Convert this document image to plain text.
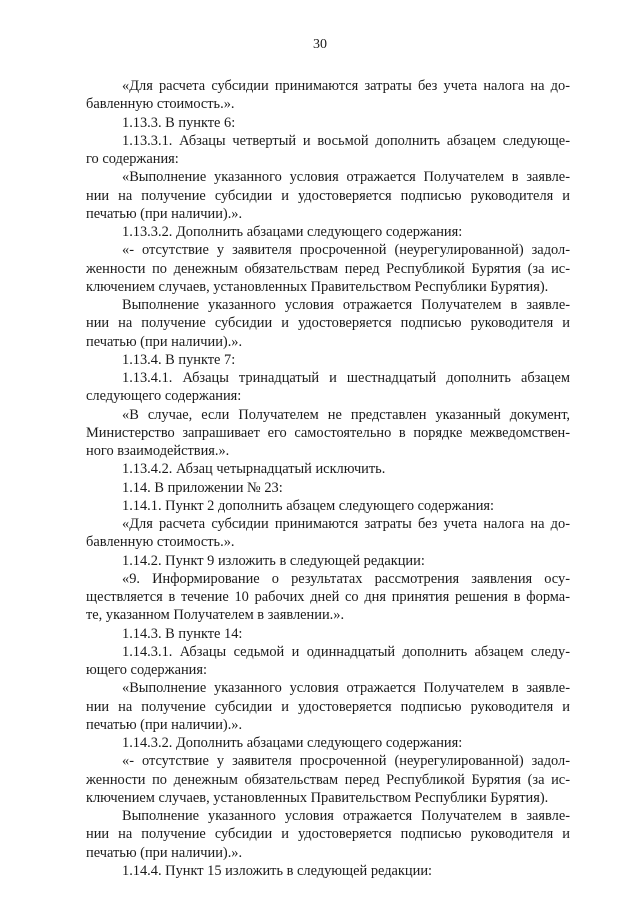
30
«Для расчета субсидии принимаются затраты без учета налога на до-
бавленную стоимость.».
1.13.3. В пункте 6:
1.13.3.1. Абзацы четвертый и восьмой дополнить абзацем следующе-
го содержания:
«Выполнение указанного условия отражается Получателем в заявле-
нии на получение субсидии и удостоверяется подписью руководителя и
печатью (при наличии).».
1.13.3.2. Дополнить абзацами следующего содержания:
«- отсутствие у заявителя просроченной (неурегулированной) задол-
женности по денежным обязательствам перед Республикой Бурятия (за ис-
ключением случаев, установленных Правительством Республики Бурятия).
Выполнение указанного условия отражается Получателем в заявле-
нии на получение субсидии и удостоверяется подписью руководителя и
печатью (при наличии).».
1.13.4. В пункте 7:
1.13.4.1. Абзацы тринадцатый и шестнадцатый дополнить абзацем
следующего содержания:
«В случае, если Получателем не представлен указанный документ,
Министерство запрашивает его самостоятельно в порядке межведомствен-
ного взаимодействия.».
1.13.4.2. Абзац четырнадцатый исключить.
1.14. В приложении № 23:
1.14.1. Пункт 2 дополнить абзацем следующего содержания:
«Для расчета субсидии принимаются затраты без учета налога на до-
бавленную стоимость.».
1.14.2. Пункт 9 изложить в следующей редакции:
«9. Информирование о результатах рассмотрения заявления осу-
ществляется в течение 10 рабочих дней со дня принятия решения в форма-
те, указанном Получателем в заявлении.».
1.14.3. В пункте 14:
1.14.3.1. Абзацы седьмой и одиннадцатый дополнить абзацем следу-
ющего содержания:
«Выполнение указанного условия отражается Получателем в заявле-
нии на получение субсидии и удостоверяется подписью руководителя и
печатью (при наличии).».
1.14.3.2. Дополнить абзацами следующего содержания:
«- отсутствие у заявителя просроченной (неурегулированной) задол-
женности по денежным обязательствам перед Республикой Бурятия (за ис-
ключением случаев, установленных Правительством Республики Бурятия).
Выполнение указанного условия отражается Получателем в заявле-
нии на получение субсидии и удостоверяется подписью руководителя и
печатью (при наличии).».
1.14.4. Пункт 15 изложить в следующей редакции:
